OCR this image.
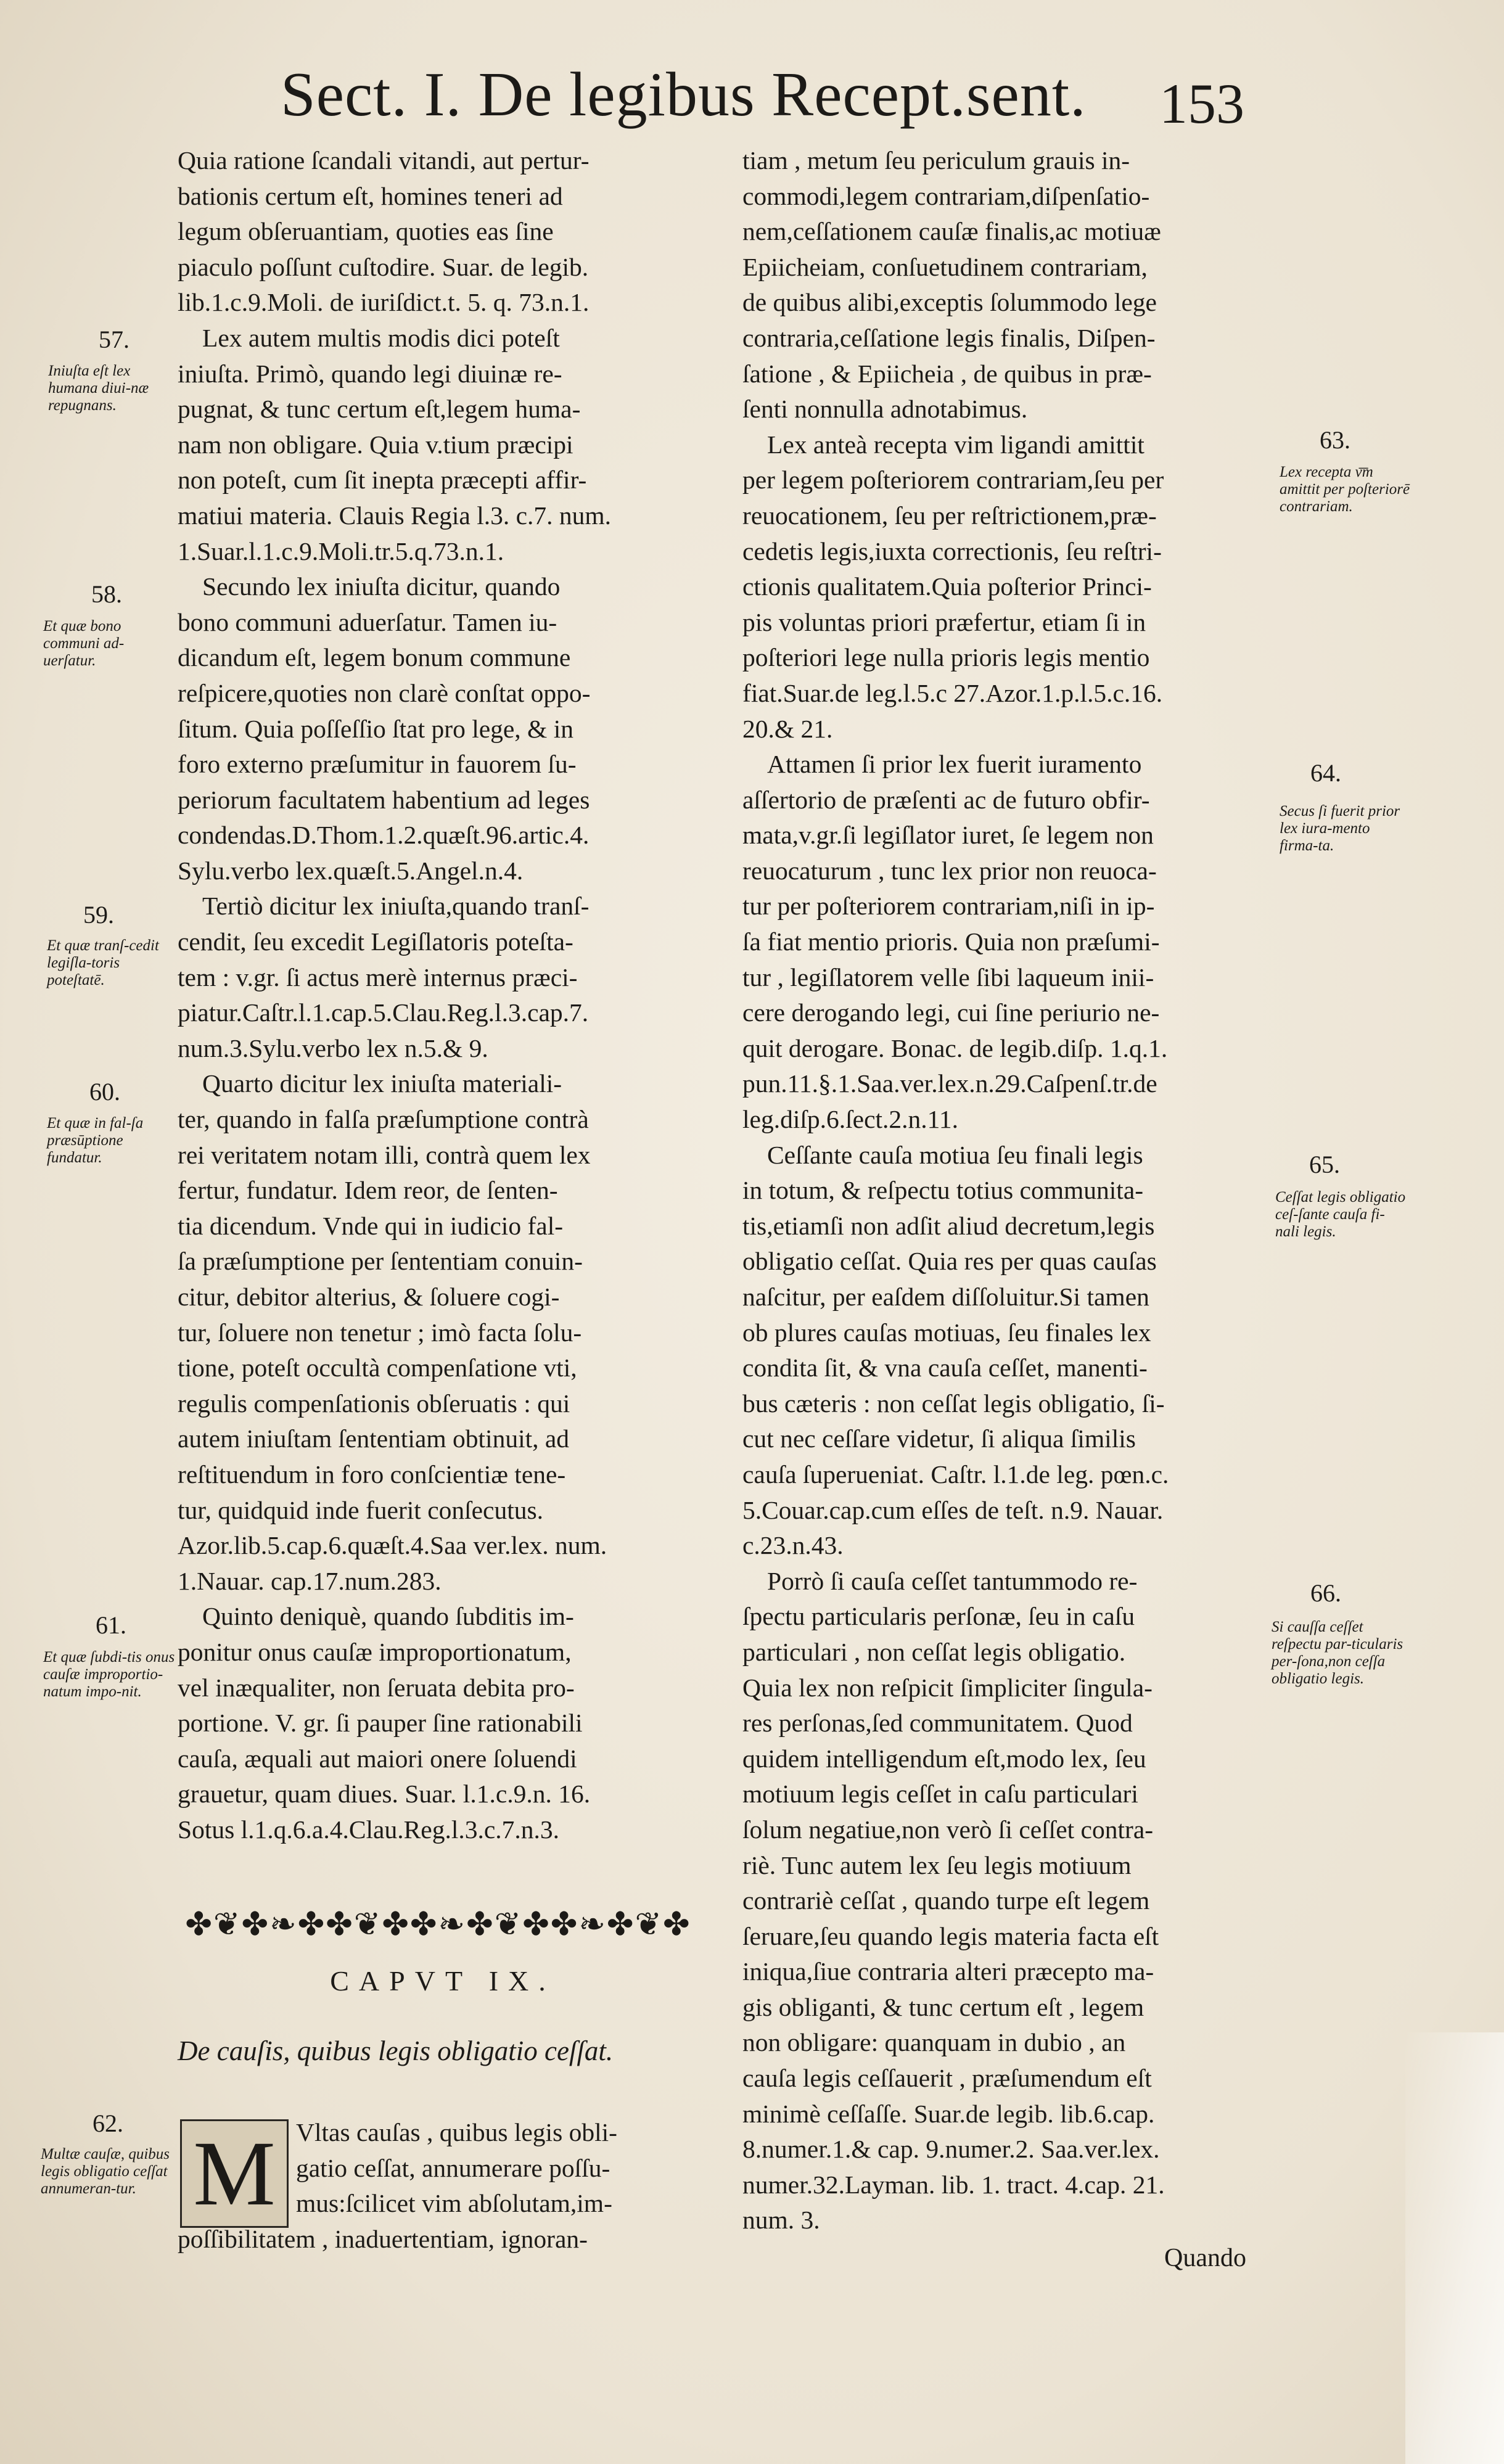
Sect. I. De legibus Recept.sent. 153

Quia ratione ſcandali vitandi, aut pertur-

bationis certum eſt, homines teneri ad

legum obſeruantiam, quoties eas ſine

piaculo poſſunt cuſtodire. Suar. de legib.

lib.1.c.9.Moli. de iuriſdict.t. 5. q. 73.n.1.

Lex autem multis modis dici poteſt

iniuſta. Primò, quando legi diuinæ re-

pugnat, & tunc certum eſt,legem huma-

nam non obligare. Quia v.tium præcipi

non poteſt, cum ſit inepta præcepti affir-

matiui materia. Clauis Regia l.3. c.7. num.

1.Suar.l.1.c.9.Moli.tr.5.q.73.n.1.

Secundo lex iniuſta dicitur, quando

bono communi aduerſatur. Tamen iu-

dicandum eſt, legem bonum commune

reſpicere,quoties non clarè conſtat oppo-

ſitum. Quia poſſeſſio ſtat pro lege, & in

foro externo præſumitur in fauorem ſu-

periorum facultatem habentium ad leges

condendas.D.Thom.1.2.quæſt.96.artic.4.

Sylu.verbo lex.quæſt.5.Angel.n.4.

Tertiò dicitur lex iniuſta,quando tranſ-

cendit, ſeu excedit Legiſlatoris poteſta-

tem : v.gr. ſi actus merè internus præci-

piatur.Caſtr.l.1.cap.5.Clau.Reg.l.3.cap.7.

num.3.Sylu.verbo lex n.5.& 9.

Quarto dicitur lex iniuſta materiali-

ter, quando in falſa præſumptione contrà

rei veritatem notam illi, contrà quem lex

fertur, fundatur. Idem reor, de ſenten-

tia dicendum. Vnde qui in iudicio fal-

ſa præſumptione per ſententiam conuin-

citur, debitor alterius, & ſoluere cogi-

tur, ſoluere non tenetur ; imò facta ſolu-

tione, poteſt occultà compenſatione vti,

regulis compenſationis obſeruatis : qui

autem iniuſtam ſententiam obtinuit, ad

reſtituendum in foro conſcientiæ tene-

tur, quidquid inde fuerit conſecutus.

Azor.lib.5.cap.6.quæſt.4.Saa ver.lex. num.

1.Nauar. cap.17.num.283.

Quinto deniquè, quando ſubditis im-

ponitur onus cauſæ improportionatum,

vel inæqualiter, non ſeruata debita pro-

portione. V. gr. ſi pauper ſine rationabili

cauſa, æquali aut maiori onere ſoluendi

grauetur, quam diues. Suar. l.1.c.9.n. 16.

Sotus l.1.q.6.a.4.Clau.Reg.l.3.c.7.n.3.

✤❦✤❧✤✤❦✤✤❧✤❦✤✤❧✤❦✤
CAPVT IX.
De cauſis, quibus legis obligatio ceſſat.
M Vltas cauſas , quibus legis obli-

gatio ceſſat, annumerare poſſu-

mus:ſcilicet vim abſolutam,im-

poſſibilitatem , inaduertentiam, ignoran-

tiam , metum ſeu periculum grauis in-

commodi,legem contrariam,diſpenſatio-

nem,ceſſationem cauſæ finalis,ac motiuæ

Epiicheiam, conſuetudinem contrariam,

de quibus alibi,exceptis ſolummodo lege

contraria,ceſſatione legis finalis, Diſpen-

ſatione , & Epiicheia , de quibus in præ-

ſenti nonnulla adnotabimus.

Lex anteà recepta vim ligandi amittit

per legem poſteriorem contrariam,ſeu per

reuocationem, ſeu per reſtrictionem,præ-

cedetis legis,iuxta correctionis, ſeu reſtri-

ctionis qualitatem.Quia poſterior Princi-

pis voluntas priori præfertur, etiam ſi in

poſteriori lege nulla prioris legis mentio

fiat.Suar.de leg.l.5.c 27.Azor.1.p.l.5.c.16.

20.& 21.

Attamen ſi prior lex fuerit iuramento

aſſertorio de præſenti ac de futuro obfir-

mata,v.gr.ſi legiſlator iuret, ſe legem non

reuocaturum , tunc lex prior non reuoca-

tur per poſteriorem contrariam,niſi in ip-

ſa fiat mentio prioris. Quia non præſumi-

tur , legiſlatorem velle ſibi laqueum inii-

cere derogando legi, cui ſine periurio ne-

quit derogare. Bonac. de legib.diſp. 1.q.1.

pun.11.§.1.Saa.ver.lex.n.29.Caſpenſ.tr.de

leg.diſp.6.ſect.2.n.11.

Ceſſante cauſa motiua ſeu finali legis

in totum, & reſpectu totius communita-

tis,etiamſi non adſit aliud decretum,legis

obligatio ceſſat. Quia res per quas cauſas

naſcitur, per eaſdem diſſoluitur.Si tamen

ob plures cauſas motiuas, ſeu finales lex

condita ſit, & vna cauſa ceſſet, manenti-

bus cæteris : non ceſſat legis obligatio, ſi-

cut nec ceſſare videtur, ſi aliqua ſimilis

cauſa ſuperueniat. Caſtr. l.1.de leg. pœn.c.

5.Couar.cap.cum eſſes de teſt. n.9. Nauar.

c.23.n.43.

Porrò ſi cauſa ceſſet tantummodo re-

ſpectu particularis perſonæ, ſeu in caſu

particulari , non ceſſat legis obligatio.

Quia lex non reſpicit ſimpliciter ſingula-

res perſonas,ſed communitatem. Quod

quidem intelligendum eſt,modo lex, ſeu

motiuum legis ceſſet in caſu particulari

ſolum negatiue,non verò ſi ceſſet contra-

riè. Tunc autem lex ſeu legis motiuum

contrariè ceſſat , quando turpe eſt legem

ſeruare,ſeu quando legis materia facta eſt

iniqua,ſiue contraria alteri præcepto ma-

gis obliganti, & tunc certum eſt , legem

non obligare: quanquam in dubio , an

cauſa legis ceſſauerit , præſumendum eſt

minimè ceſſaſſe. Suar.de legib. lib.6.cap.

8.numer.1.& cap. 9.numer.2. Saa.ver.lex.

numer.32.Layman. lib. 1. tract. 4.cap. 21.

num. 3.

Quando
57.
Iniuſta eſt lex humana diui-næ repugnans.
58.
Et quæ bono communi ad-uerſatur.
59.
Et quæ tranſ-cedit legiſla-toris poteſtatē.
60.
Et quæ in fal-ſa præsūptione fundatur.
61.
Et quæ ſubdi-tis onus cauſæ improportio-natum impo-nit.
62.
Multæ cauſæ, quibus legis obligatio ceſſat annumeran-tur.
63.
Lex recepta v͞m amittit per poſteriorē contrariam.
64.
Secus ſi fuerit prior lex iura-mento firma-ta.
65.
Ceſſat legis obligatio ceſ-ſante cauſa fi-nali legis.
66.
Si cauſſa ceſſet reſpectu par-ticularis per-ſona,non ceſſa obligatio legis.
